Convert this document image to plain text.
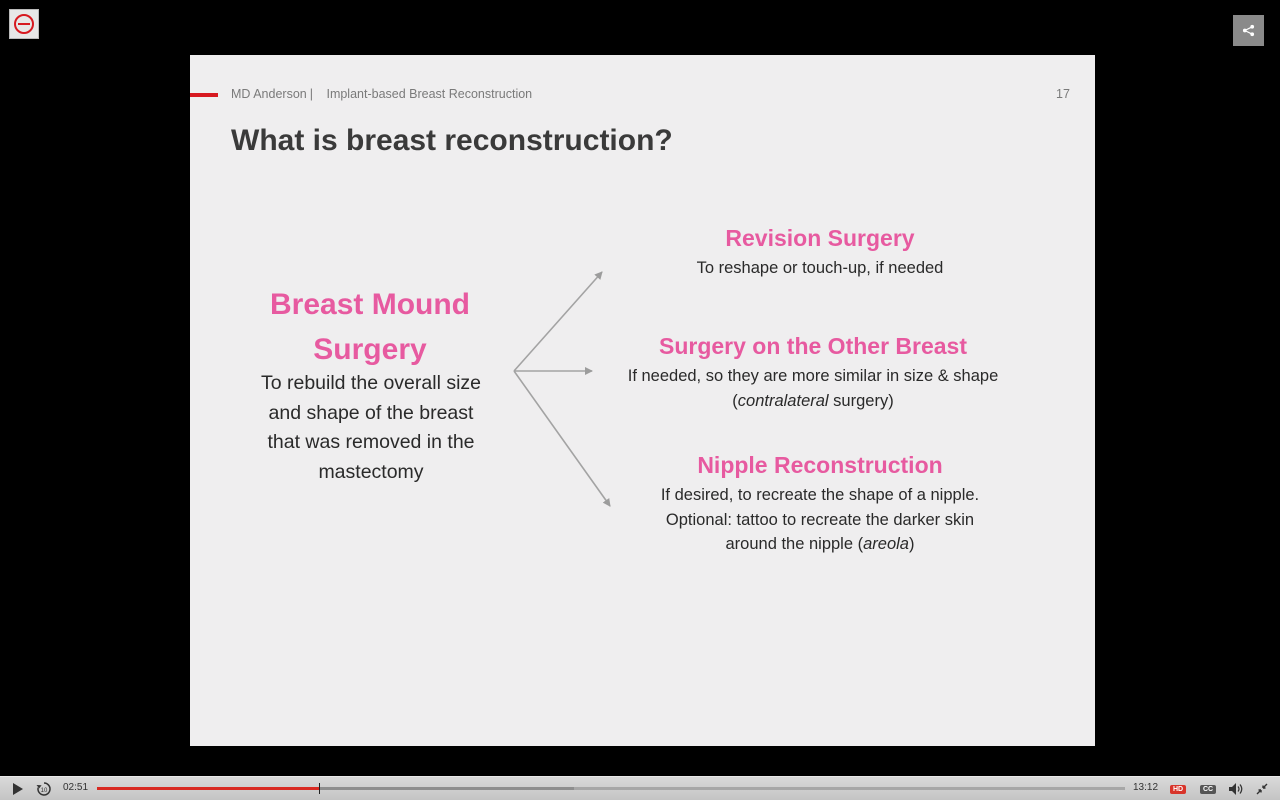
MD Anderson | Implant-based Breast Reconstruction	17
What is breast reconstruction?
Breast Mound
Surgery
To rebuild the overall size
and shape of the breast
that was removed in the
mastectomy
Revision Surgery
To reshape or touch-up, if needed
Surgery on the Other Breast
If needed, so they are more similar in size & shape
(contralateral surgery)
Nipple Reconstruction
If desired, to recreate the shape of a nipple.
Optional: tattoo to recreate the darker skin
around the nipple (areola)
10 02:51	13:12	HD	CC
